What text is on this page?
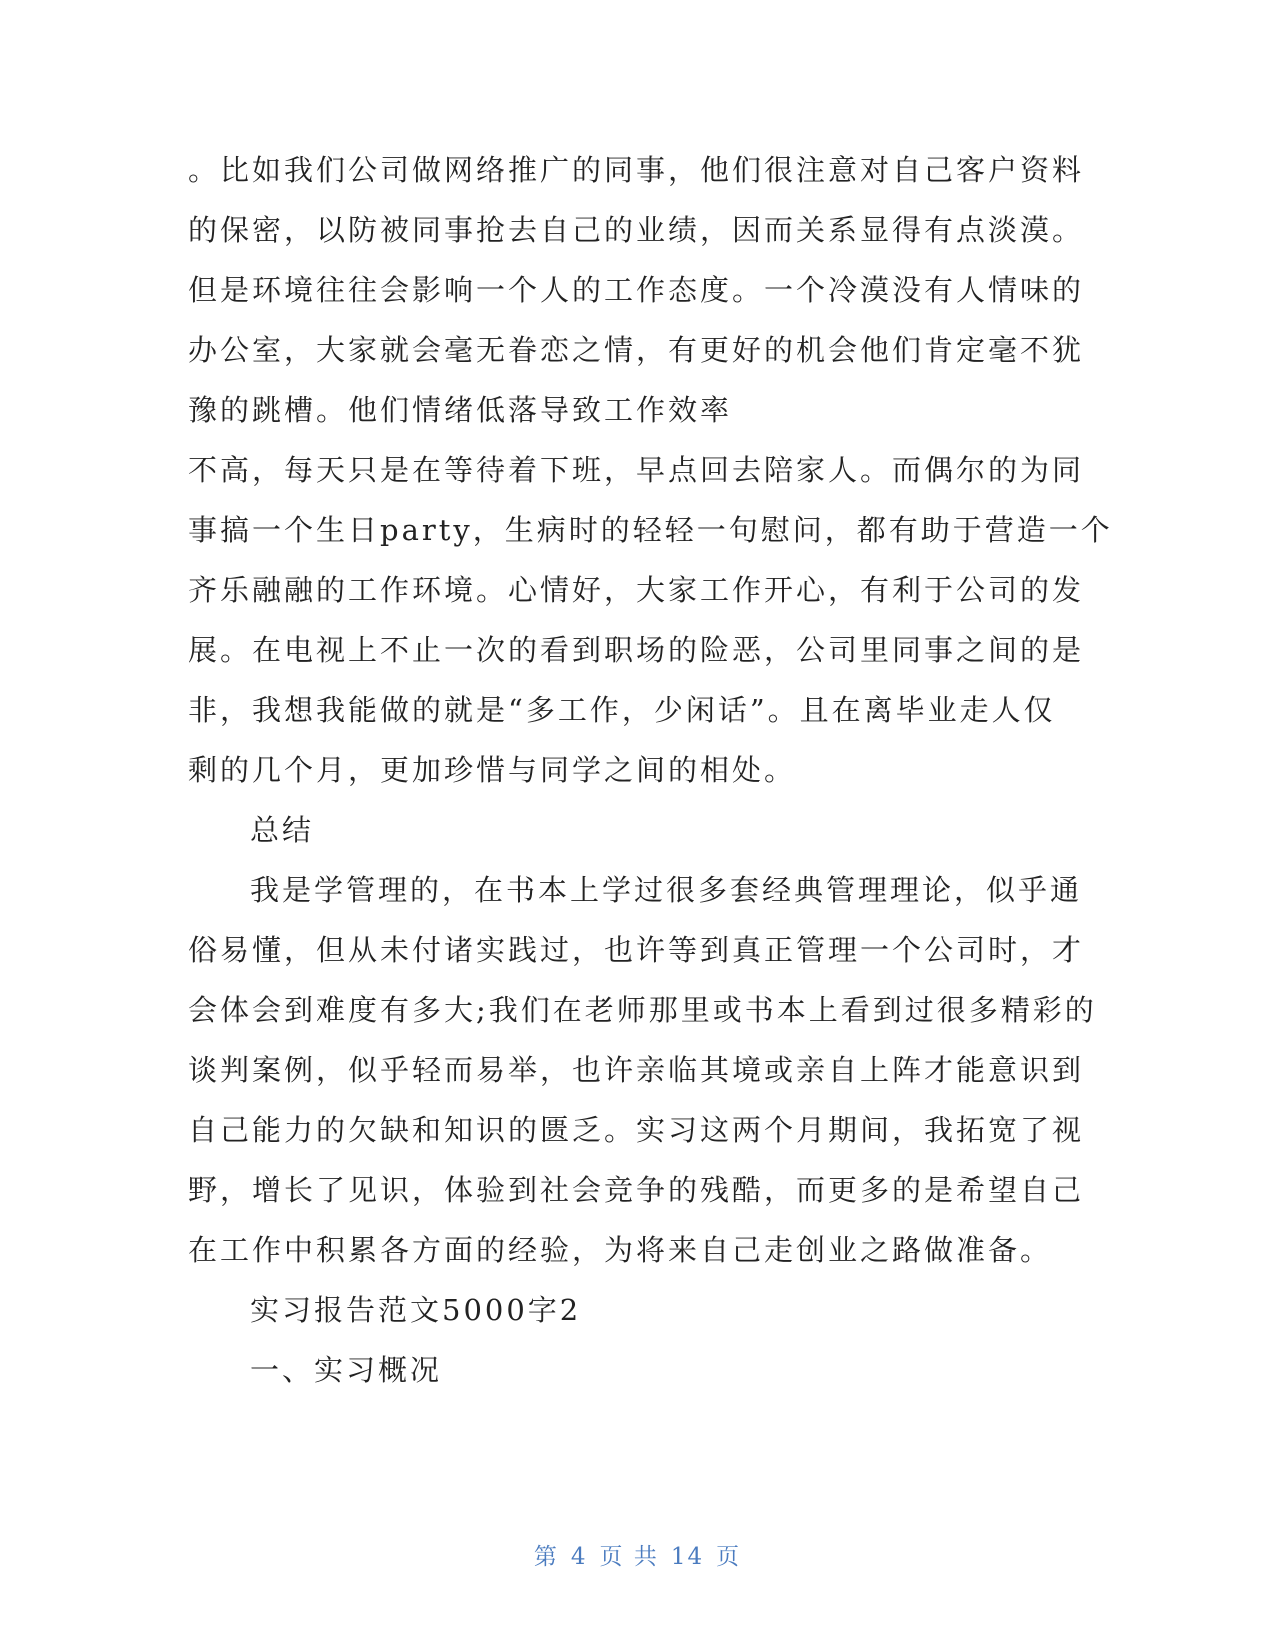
。比如我们公司做网络推广的同事，他们很注意对自己客户资料
的保密，以防被同事抢去自己的业绩，因而关系显得有点淡漠。
但是环境往往会影响一个人的工作态度。一个冷漠没有人情味的
办公室，大家就会毫无眷恋之情，有更好的机会他们肯定毫不犹
豫的跳槽。他们情绪低落导致工作效率
不高，每天只是在等待着下班，早点回去陪家人。而偶尔的为同
事搞一个生日party，生病时的轻轻一句慰问，都有助于营造一个
齐乐融融的工作环境。心情好，大家工作开心，有利于公司的发
展。在电视上不止一次的看到职场的险恶，公司里同事之间的是
非，我想我能做的就是“多工作，少闲话”。且在离毕业走人仅
剩的几个月，更加珍惜与同学之间的相处。
总结
我是学管理的，在书本上学过很多套经典管理理论，似乎通
俗易懂，但从未付诸实践过，也许等到真正管理一个公司时，才
会体会到难度有多大;我们在老师那里或书本上看到过很多精彩的
谈判案例，似乎轻而易举，也许亲临其境或亲自上阵才能意识到
自己能力的欠缺和知识的匮乏。实习这两个月期间，我拓宽了视
野，增长了见识，体验到社会竞争的残酷，而更多的是希望自己
在工作中积累各方面的经验，为将来自己走创业之路做准备。
实习报告范文5000字2
一、实习概况
第 4 页 共 14 页
